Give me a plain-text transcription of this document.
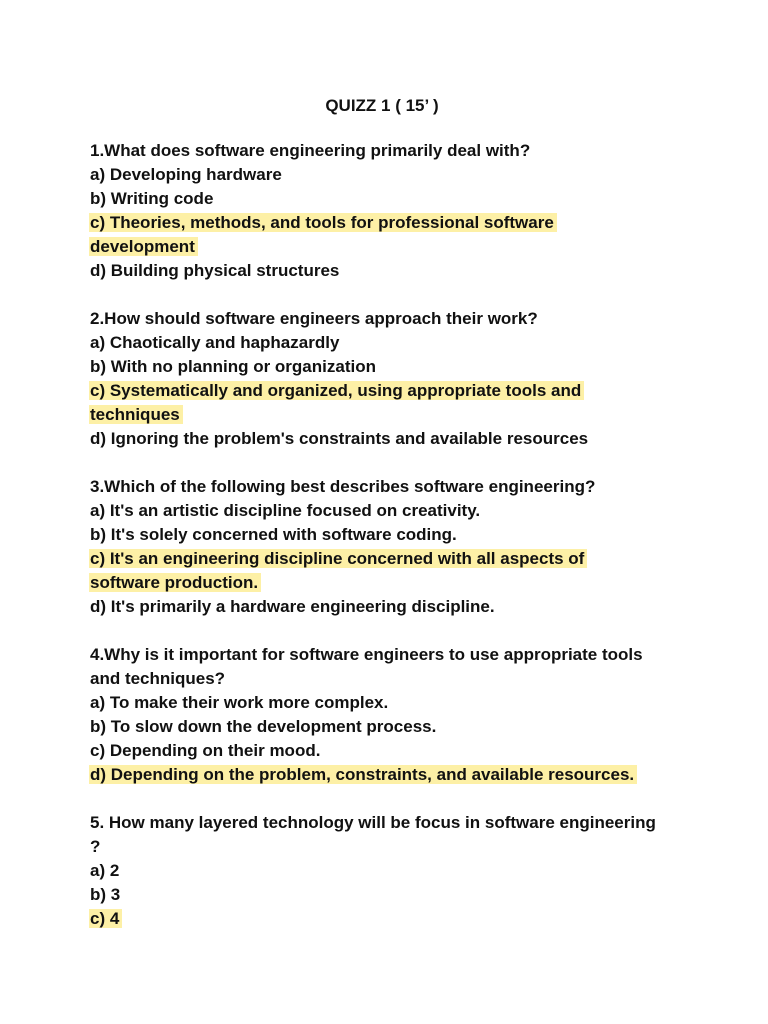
QUIZZ 1 ( 15’ )
1.What does software engineering primarily deal with?
a) Developing hardware
b) Writing code
c) Theories, methods, and tools for professional software
development
d) Building physical structures
2.How should software engineers approach their work?
a) Chaotically and haphazardly
b) With no planning or organization
c) Systematically and organized, using appropriate tools and
techniques
d) Ignoring the problem's constraints and available resources
3.Which of the following best describes software engineering?
a) It's an artistic discipline focused on creativity.
b) It's solely concerned with software coding.
c) It's an engineering discipline concerned with all aspects of
software production.
d) It's primarily a hardware engineering discipline.
4.Why is it important for software engineers to use appropriate tools
and techniques?
a) To make their work more complex.
b) To slow down the development process.
c) Depending on their mood.
d) Depending on the problem, constraints, and available resources.
5. How many layered technology will be focus in software engineering
?
a) 2
b) 3
c) 4
